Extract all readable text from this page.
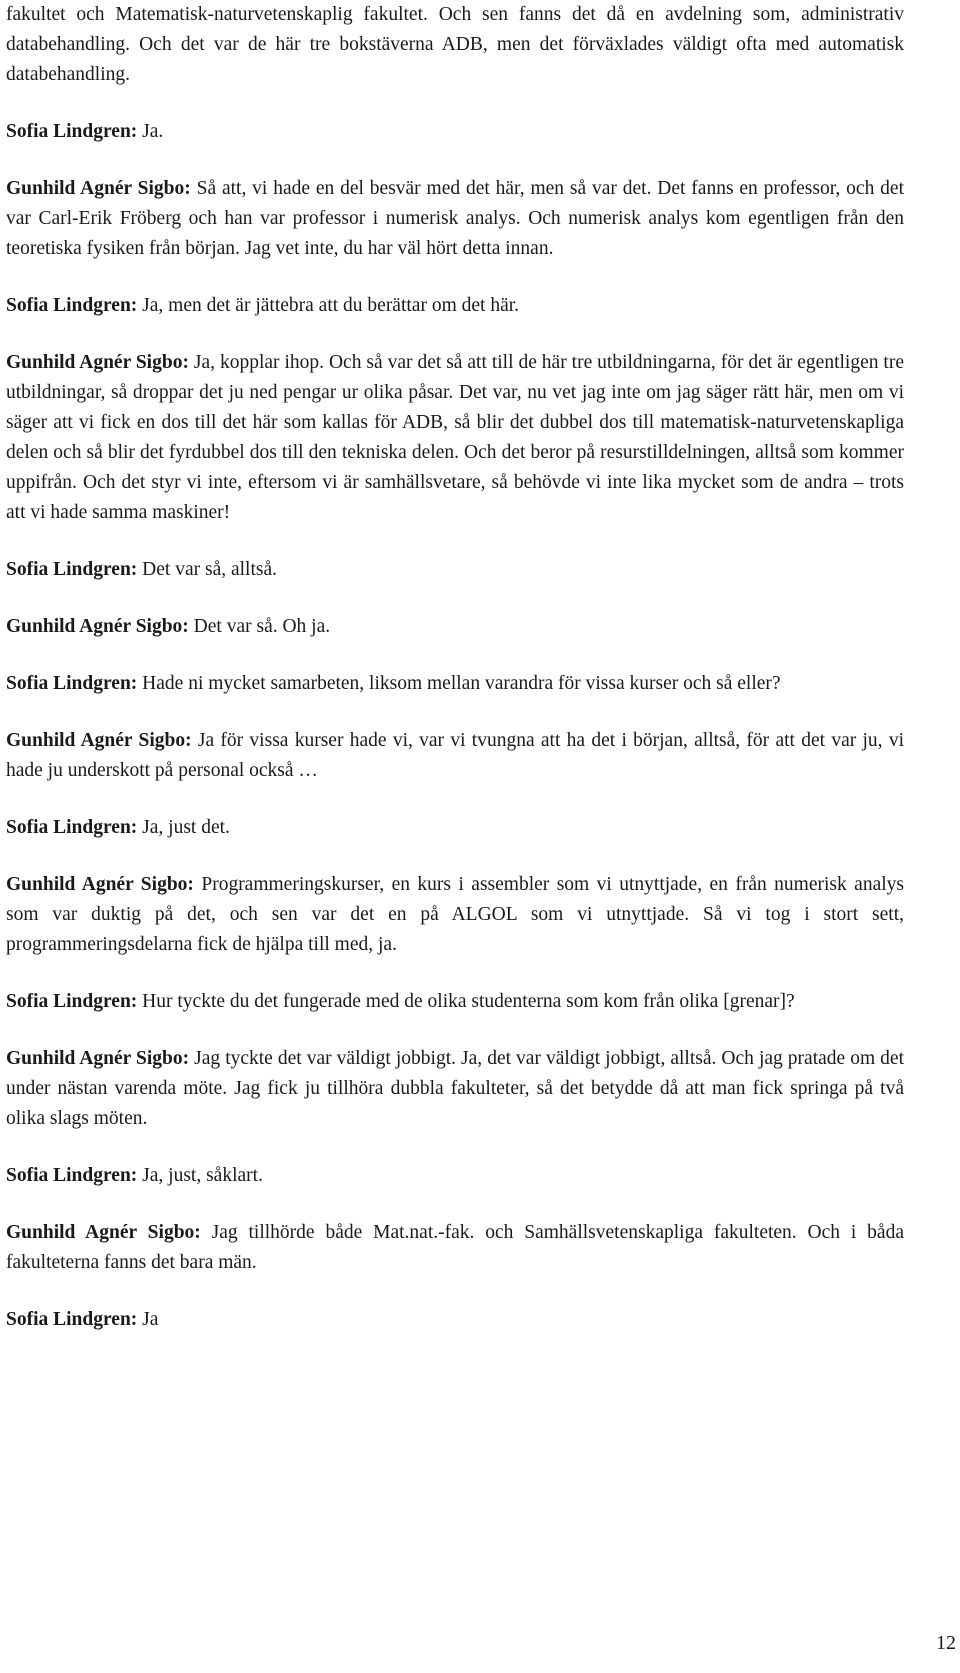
fakultet och Matematisk-naturvetenskaplig fakultet. Och sen fanns det då en avdelning som, administrativ databehandling. Och det var de här tre bokstäverna ADB, men det förväxlades väldigt ofta med automatisk databehandling.

Sofia Lindgren: Ja.

Gunhild Agnér Sigbo: Så att, vi hade en del besvär med det här, men så var det. Det fanns en professor, och det var Carl-Erik Fröberg och han var professor i numerisk analys. Och numerisk analys kom egentligen från den teoretiska fysiken från början. Jag vet inte, du har väl hört detta innan.

Sofia Lindgren: Ja, men det är jättebra att du berättar om det här.

Gunhild Agnér Sigbo: Ja, kopplar ihop. Och så var det så att till de här tre utbildningarna, för det är egentligen tre utbildningar, så droppar det ju ned pengar ur olika påsar. Det var, nu vet jag inte om jag säger rätt här, men om vi säger att vi fick en dos till det här som kallas för ADB, så blir det dubbel dos till matematisk-naturvetenskapliga delen och så blir det fyrdubbel dos till den tekniska delen. Och det beror på resurstilldelningen, alltså som kommer uppifrån. Och det styr vi inte, eftersom vi är samhällsvetare, så behövde vi inte lika mycket som de andra – trots att vi hade samma maskiner!

Sofia Lindgren: Det var så, alltså.

Gunhild Agnér Sigbo: Det var så. Oh ja.

Sofia Lindgren: Hade ni mycket samarbeten, liksom mellan varandra för vissa kurser och så eller?

Gunhild Agnér Sigbo: Ja för vissa kurser hade vi, var vi tvungna att ha det i början, alltså, för att det var ju, vi hade ju underskott på personal också …

Sofia Lindgren: Ja, just det.

Gunhild Agnér Sigbo: Programmeringskurser, en kurs i assembler som vi utnyttjade, en från numerisk analys som var duktig på det, och sen var det en på ALGOL som vi utnyttjade. Så vi tog i stort sett, programmeringsdelarna fick de hjälpa till med, ja.

Sofia Lindgren: Hur tyckte du det fungerade med de olika studenterna som kom från olika [grenar]?

Gunhild Agnér Sigbo: Jag tyckte det var väldigt jobbigt. Ja, det var väldigt jobbigt, alltså. Och jag pratade om det under nästan varenda möte. Jag fick ju tillhöra dubbla fakulteter, så det betydde då att man fick springa på två olika slags möten.

Sofia Lindgren: Ja, just, såklart.

Gunhild Agnér Sigbo: Jag tillhörde både Mat.nat.-fak. och Samhällsvetenskapliga fakulteten. Och i båda fakulteterna fanns det bara män.

Sofia Lindgren: Ja

12
